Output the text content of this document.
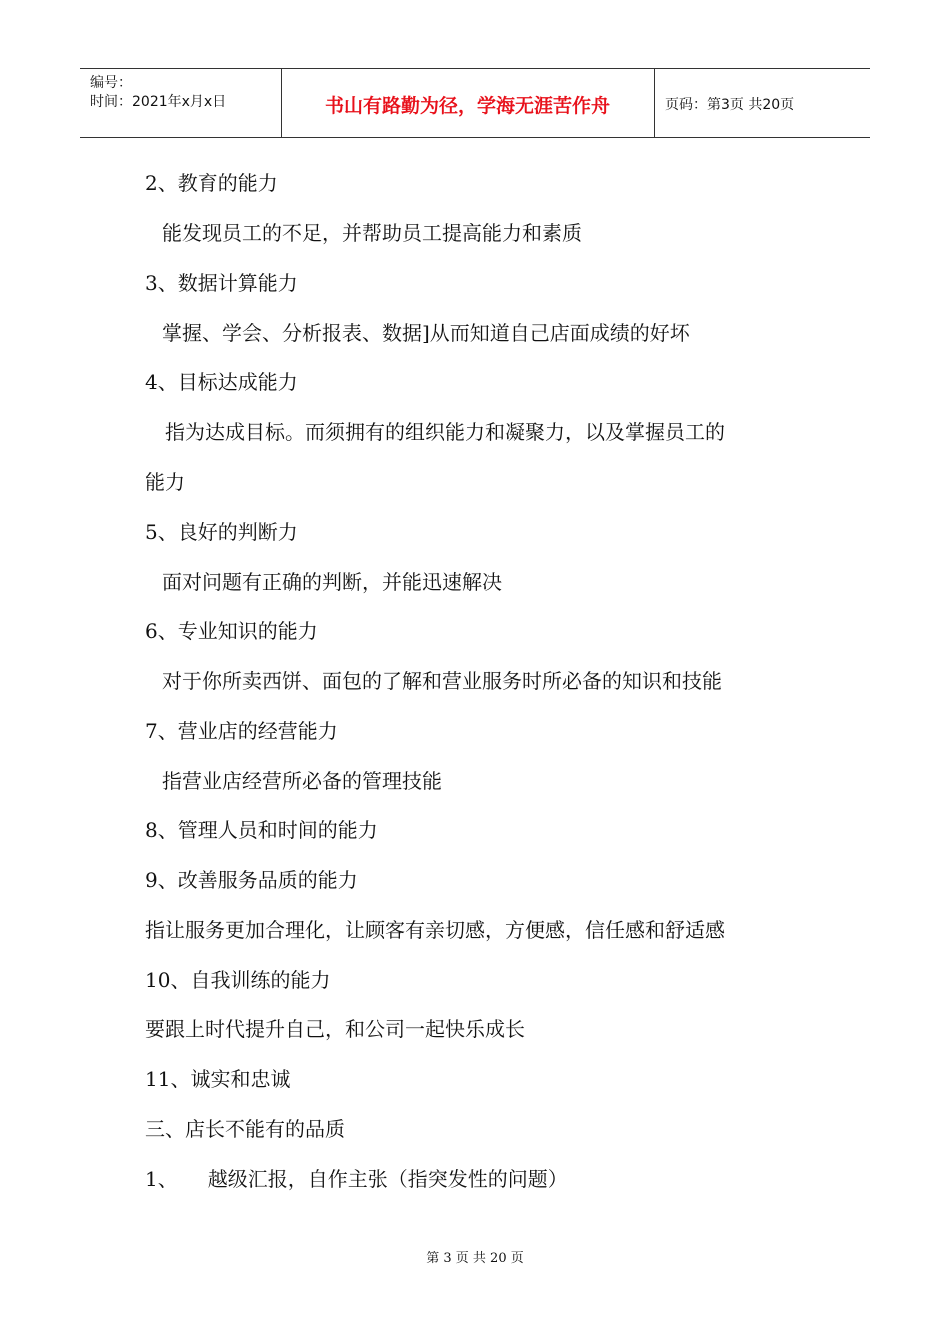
编号：
时间：2021年x月x日	书山有路勤为径，学海无涯苦作舟	页码：第3页 共20页
2、教育的能力
能发现员工的不足，并帮助员工提高能力和素质
3、数据计算能力
掌握、学会、分析报表、数据]从而知道自己店面成绩的好坏
4、目标达成能力
指为达成目标。而须拥有的组织能力和凝聚力，以及掌握员工的
能力
5、良好的判断力
面对问题有正确的判断，并能迅速解决
6、专业知识的能力
对于你所卖西饼、面包的了解和营业服务时所必备的知识和技能
7、营业店的经营能力
指营业店经营所必备的管理技能
8、管理人员和时间的能力
9、改善服务品质的能力
指让服务更加合理化，让顾客有亲切感，方便感，信任感和舒适感
10、自我训练的能力
要跟上时代提升自己，和公司一起快乐成长
11、诚实和忠诚
三、店长不能有的品质
1、　　越级汇报，自作主张（指突发性的问题）
第 3 页 共 20 页
